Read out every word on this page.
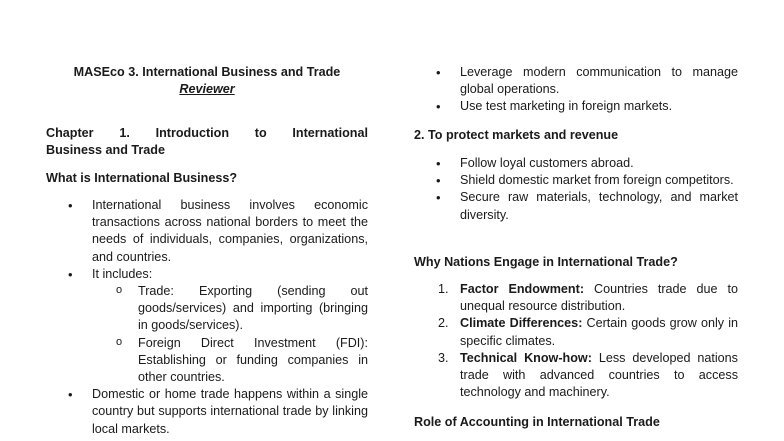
MASEco 3. International Business and Trade
Reviewer
Chapter 1. Introduction to International
Business and Trade
What is International Business?
• International business involves economic transactions across national borders to meet the needs of individuals, companies, organizations, and countries.
• It includes:
o Trade: Exporting (sending out goods/services) and importing (bringing in goods/services).
o Foreign Direct Investment (FDI): Establishing or funding companies in other countries.
• Domestic or home trade happens within a single country but supports international trade by linking local markets.
• Leverage modern communication to manage global operations.
• Use test marketing in foreign markets.
2. To protect markets and revenue
• Follow loyal customers abroad.
• Shield domestic market from foreign competitors.
• Secure raw materials, technology, and market diversity.
Why Nations Engage in International Trade?
1. Factor Endowment: Countries trade due to unequal resource distribution.
2. Climate Differences: Certain goods grow only in specific climates.
3. Technical Know-how: Less developed nations trade with advanced countries to access technology and machinery.
Role of Accounting in International Trade
